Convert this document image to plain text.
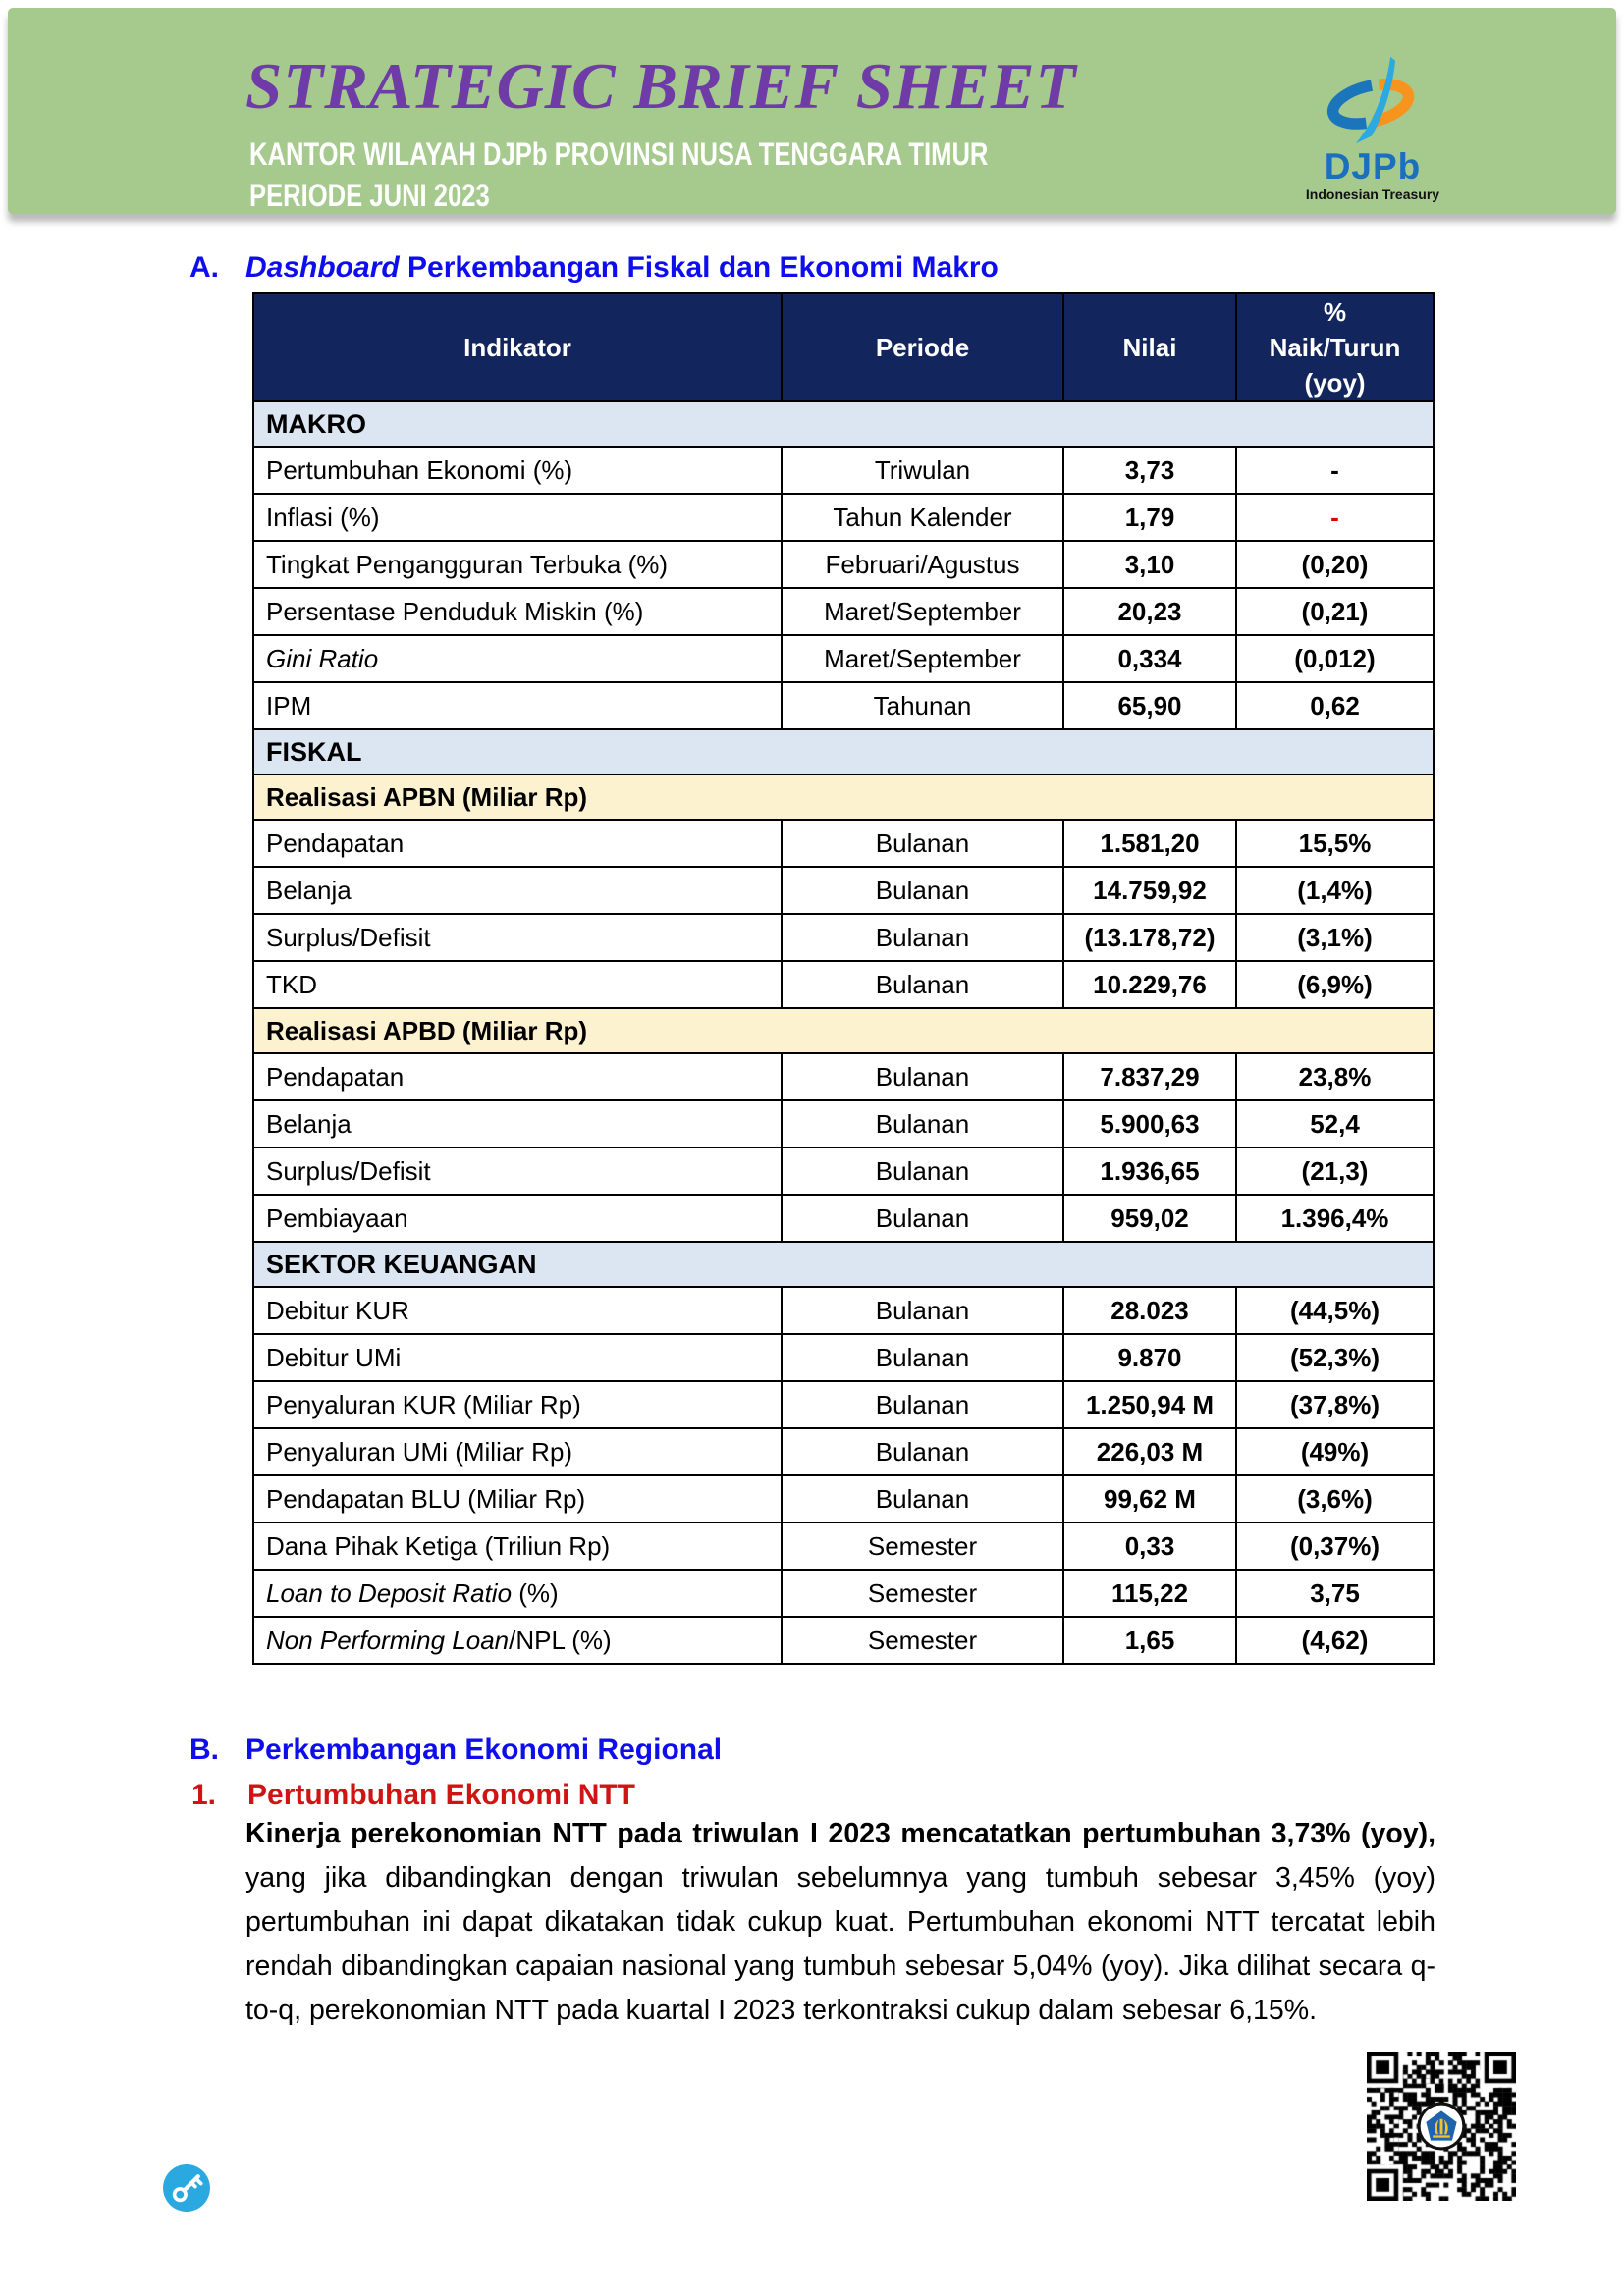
STRATEGIC BRIEF SHEET
KANTOR WILAYAH DJPb PROVINSI NUSA TENGGARA TIMUR
PERIODE JUNI 2023
DJPb
Indonesian Treasury
A. Dashboard Perkembangan Fiskal dan Ekonomi Makro
Indikator	Periode	Nilai	%
Naik/Turun
(yoy)

MAKRO			
Pertumbuhan Ekonomi (%)	Triwulan	3,73	-
Inflasi (%)	Tahun Kalender	1,79	-
Tingkat Pengangguran Terbuka (%)	Februari/Agustus	3,10	(0,20)
Persentase Penduduk Miskin (%)	Maret/September	20,23	(0,21)
Gini Ratio	Maret/September	0,334	(0,012)
IPM	Tahunan	65,90	0,62
FISKAL			
Realisasi APBN (Miliar Rp)			
Pendapatan	Bulanan	1.581,20	15,5%
Belanja	Bulanan	14.759,92	(1,4%)
Surplus/Defisit	Bulanan	(13.178,72)	(3,1%)
TKD	Bulanan	10.229,76	(6,9%)
Realisasi APBD (Miliar Rp)			
Pendapatan	Bulanan	7.837,29	23,8%
Belanja	Bulanan	5.900,63	52,4
Surplus/Defisit	Bulanan	1.936,65	(21,3)
Pembiayaan	Bulanan	959,02	1.396,4%
SEKTOR KEUANGAN			
Debitur KUR	Bulanan	28.023	(44,5%)
Debitur UMi	Bulanan	9.870	(52,3%)
Penyaluran KUR (Miliar Rp)	Bulanan	1.250,94 M	(37,8%)
Penyaluran UMi (Miliar Rp)	Bulanan	226,03 M	(49%)
Pendapatan BLU (Miliar Rp)	Bulanan	99,62 M	(3,6%)
Dana Pihak Ketiga (Triliun Rp)	Semester	0,33	(0,37%)
Loan to Deposit Ratio (%)	Semester	115,22	3,75
Non Performing Loan/NPL (%)	Semester	1,65	(4,62)
B. Perkembangan Ekonomi Regional
1.	Pertumbuhan Ekonomi NTT

Kinerja perekonomian NTT pada triwulan I 2023 mencatatkan pertumbuhan 3,73% (yoy), yang jika dibandingkan dengan triwulan sebelumnya yang tumbuh sebesar 3,45% (yoy) pertumbuhan ini dapat dikatakan tidak cukup kuat. Pertumbuhan ekonomi NTT tercatat lebih rendah dibandingkan capaian nasional yang tumbuh sebesar 5,04% (yoy). Jika dilihat secara q-to-q, perekonomian NTT pada kuartal I 2023 terkontraksi cukup dalam sebesar 6,15%.
